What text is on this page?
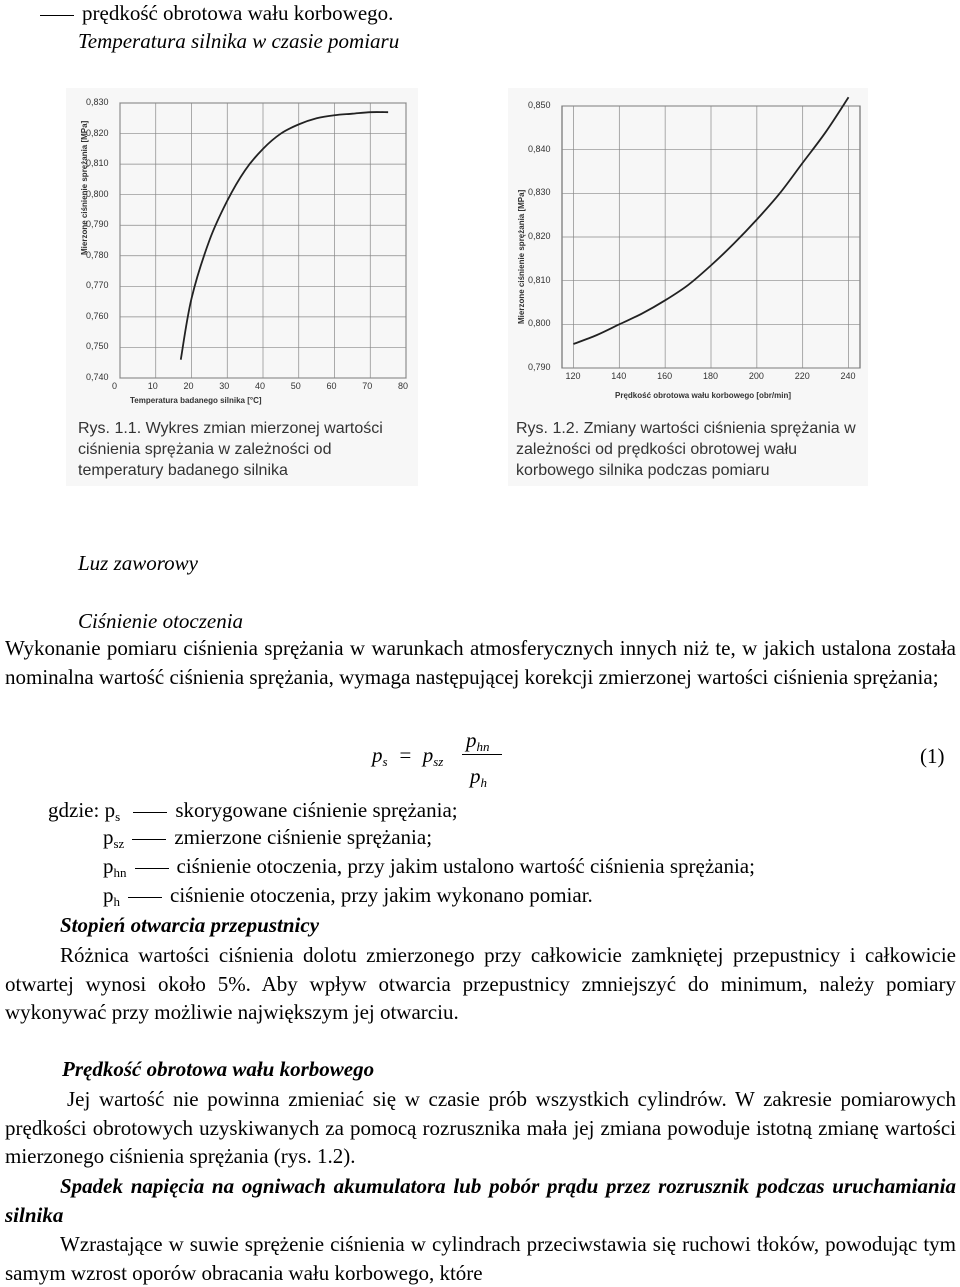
prędkość obrotowa wału korbowego.
Temperatura silnika w czasie pomiaru
0,740
0,750
0,760
0,770
0,780
0,790
0,800
0,810
0,820
0,830
0	10	20	30	40	50	60	70	80
Temperatura badanego silnika [°C]
Mierzone ciśnienie sprężania [MPa]
Rys. 1.1. Wykres zmian mierzonej wartości ciśnienia sprężania w zależności od temperatury badanego silnika
0,790
0,800
0,810
0,820
0,830
0,840
0,850
120	140	160	180	200	220	240
Prędkość obrotowa wału korbowego [obr/min]
Mierzone ciśnienie sprężania [MPa]
Rys. 1.2. Zmiany wartości ciśnienia sprężania w zależności od prędkości obrotowej wału korbowego silnika podczas pomiaru
Luz zaworowy
Ciśnienie otoczenia
Wykonanie pomiaru ciśnienia sprężania w warunkach atmosferycznych innych niż te, w jakich ustalona została nominalna wartość ciśnienia sprężania, wymaga następującej korekcji zmierzonej wartości ciśnienia sprężania;
$p_s = p_{sz}$
$p_{hn}$
$p_h$
(1)
gdzie: $p_s$	skorygowane ciśnienie sprężania;
$p_{sz}$ zmierzone ciśnienie sprężania;
$p_{hn}$ ciśnienie otoczenia, przy jakim ustalono wartość ciśnienia sprężania;
$p_h$ ciśnienie otoczenia, przy jakim wykonano pomiar.
Stopień otwarcia przepustnicy
Różnica wartości ciśnienia dolotu zmierzonego przy całkowicie zamkniętej przepustnicy i całkowicie otwartej wynosi około 5%. Aby wpływ otwarcia przepustnicy zmniejszyć do minimum, należy pomiary wykonywać przy możliwie największym jej otwarciu.
Prędkość obrotowa wału korbowego
Jej wartość nie powinna zmieniać się w czasie prób wszystkich cylindrów. W zakresie pomiarowych prędkości obrotowych uzyskiwanych za pomocą rozrusznika mała jej zmiana powoduje istotną zmianę wartości mierzonego ciśnienia sprężania (rys. 1.2).
Spadek napięcia na ogniwach akumulatora lub pobór prądu przez rozrusznik podczas uruchamiania silnika
Wzrastające w suwie sprężenie ciśnienia w cylindrach przeciwstawia się ruchowi tłoków, powodując tym samym wzrost oporów obracania wału korbowego, które
